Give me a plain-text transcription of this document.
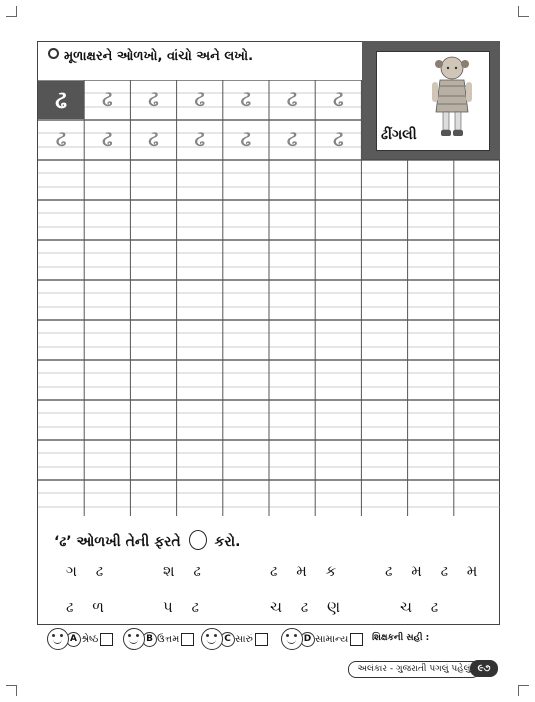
મૂળાક્ષરને ઓળખો, વાંચો અને લખો.
ઢીંગલી
ઢ	ઢ	ઢ	ઢ	ઢ	ઢ	ઢ
ઢ	ઢ	ઢ	ઢ	ઢ	ઢ	ઢ
‘ઢ’ ઓળખી તેની ફરતે કરો.
ગ ઢ	શ ઢ	ઢ મ ક	ઢ મ ઢ મ
ઢ ળ	પ ઢ	ચ ઢ ણ	ચ ઢ
A શ્રેષ્ઠ	B ઉત્તમ	C સારું	D સામાન્ય	શિક્ષકની સહી :
અલંકાર - ગુજરાતી પગલું પહેલું ૯૭
